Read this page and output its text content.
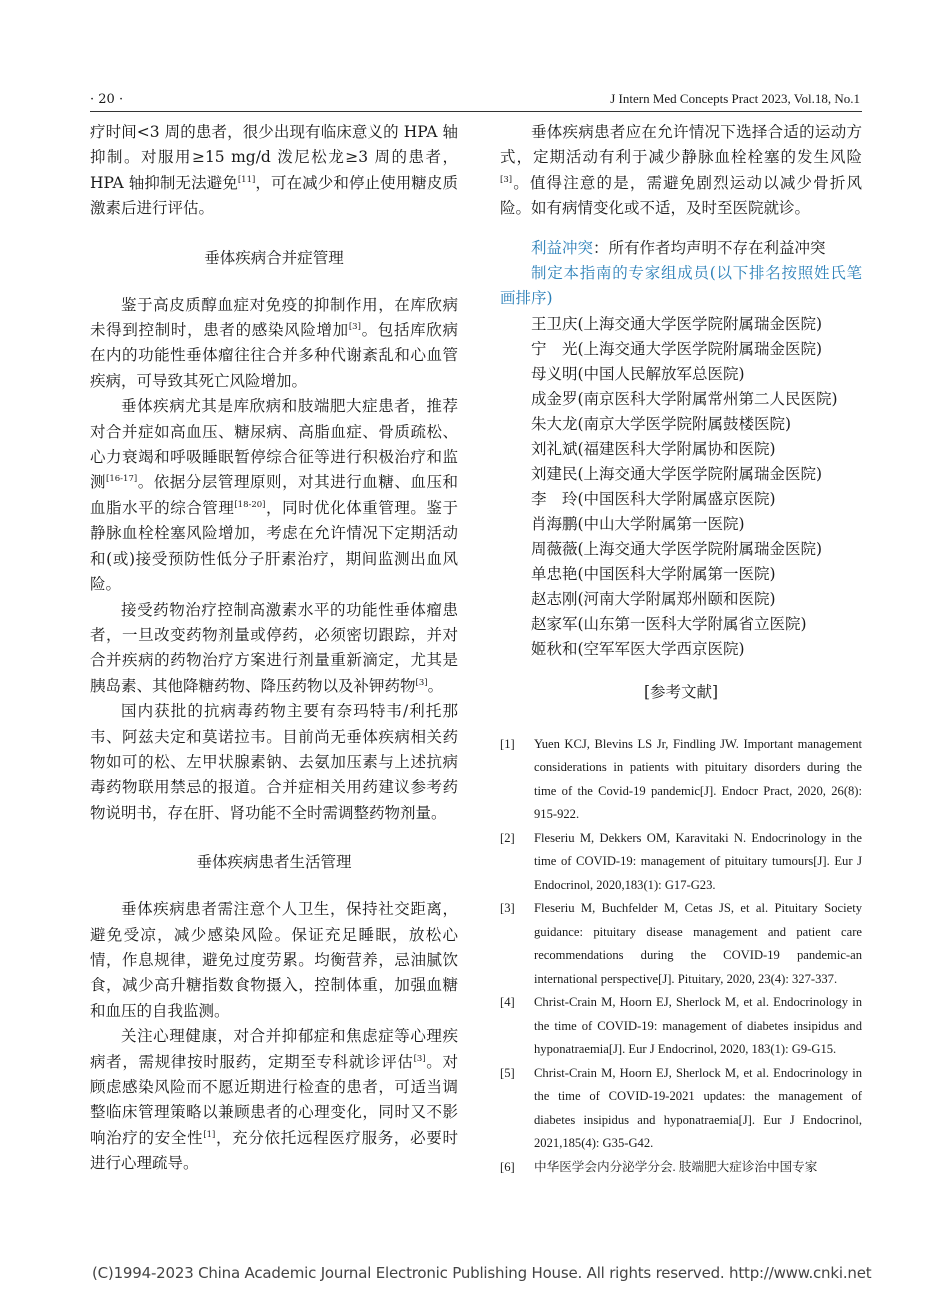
· 20 ·	J Intern Med Concepts Pract 2023, Vol.18, No.1

疗时间<3 周的患者，很少出现有临床意义的 HPA 轴抑制。对服用≥15 mg/d 泼尼松龙≥3 周的患者，HPA 轴抑制无法避免[11]，可在减少和停止使用糖皮质激素后进行评估。

垂体疾病合并症管理

鉴于高皮质醇血症对免疫的抑制作用，在库欣病未得到控制时，患者的感染风险增加[3]。包括库欣病在内的功能性垂体瘤往往合并多种代谢紊乱和心血管疾病，可导致其死亡风险增加。

垂体疾病尤其是库欣病和肢端肥大症患者，推荐对合并症如高血压、糖尿病、高脂血症、骨质疏松、心力衰竭和呼吸睡眠暂停综合征等进行积极治疗和监测[16-17]。依据分层管理原则，对其进行血糖、血压和血脂水平的综合管理[18-20]，同时优化体重管理。鉴于静脉血栓栓塞风险增加，考虑在允许情况下定期活动和(或)接受预防性低分子肝素治疗，期间监测出血风险。

接受药物治疗控制高激素水平的功能性垂体瘤患者，一旦改变药物剂量或停药，必须密切跟踪，并对合并疾病的药物治疗方案进行剂量重新滴定，尤其是胰岛素、其他降糖药物、降压药物以及补钾药物[3]。

国内获批的抗病毒药物主要有奈玛特韦/利托那韦、阿兹夫定和莫诺拉韦。目前尚无垂体疾病相关药物如可的松、左甲状腺素钠、去氨加压素与上述抗病毒药物联用禁忌的报道。合并症相关用药建议参考药物说明书，存在肝、肾功能不全时需调整药物剂量。

垂体疾病患者生活管理

垂体疾病患者需注意个人卫生，保持社交距离，避免受凉，减少感染风险。保证充足睡眠，放松心情，作息规律，避免过度劳累。均衡营养，忌油腻饮食，减少高升糖指数食物摄入，控制体重，加强血糖和血压的自我监测。

关注心理健康，对合并抑郁症和焦虑症等心理疾病者，需规律按时服药，定期至专科就诊评估[3]。对顾虑感染风险而不愿近期进行检查的患者，可适当调整临床管理策略以兼顾患者的心理变化，同时又不影响治疗的安全性[1]，充分依托远程医疗服务，必要时进行心理疏导。

垂体疾病患者应在允许情况下选择合适的运动方式，定期活动有利于减少静脉血栓栓塞的发生风险[3]。值得注意的是，需避免剧烈运动以减少骨折风险。如有病情变化或不适，及时至医院就诊。

利益冲突：所有作者均声明不存在利益冲突

制定本指南的专家组成员(以下排名按照姓氏笔画排序)

王卫庆(上海交通大学医学院附属瑞金医院)
宁　光(上海交通大学医学院附属瑞金医院)
母义明(中国人民解放军总医院)
成金罗(南京医科大学附属常州第二人民医院)
朱大龙(南京大学医学院附属鼓楼医院)
刘礼斌(福建医科大学附属协和医院)
刘建民(上海交通大学医学院附属瑞金医院)
李　玲(中国医科大学附属盛京医院)
肖海鹏(中山大学附属第一医院)
周薇薇(上海交通大学医学院附属瑞金医院)
单忠艳(中国医科大学附属第一医院)
赵志刚(河南大学附属郑州颐和医院)
赵家军(山东第一医科大学附属省立医院)
姬秋和(空军军医大学西京医院)

[参考文献]

[1]	Yuen KCJ, Blevins LS Jr, Findling JW. Important management considerations in patients with pituitary disorders during the time of the Covid-19 pandemic[J]. Endocr Pract, 2020, 26(8): 915-922.
[2]	Fleseriu M, Dekkers OM, Karavitaki N. Endocrinology in the time of COVID-19: management of pituitary tumours[J]. Eur J Endocrinol, 2020,183(1): G17-G23.
[3]	Fleseriu M, Buchfelder M, Cetas JS, et al. Pituitary Society guidance: pituitary disease management and patient care recommendations during the COVID-19 pandemic-an international perspective[J]. Pituitary, 2020, 23(4): 327-337.
[4]	Christ-Crain M, Hoorn EJ, Sherlock M, et al. Endocrinology in the time of COVID-19: management of diabetes insipidus and hyponatraemia[J]. Eur J Endocrinol, 2020, 183(1): G9-G15.
[5]	Christ-Crain M, Hoorn EJ, Sherlock M, et al. Endocrinology in the time of COVID-19-2021 updates: the management of diabetes insipidus and hyponatraemia[J]. Eur J Endocrinol, 2021,185(4): G35-G42.
[6]	中华医学会内分泌学分会. 肢端肥大症诊治中国专家
(C)1994-2023 China Academic Journal Electronic Publishing House. All rights reserved. http://www.cnki.net
